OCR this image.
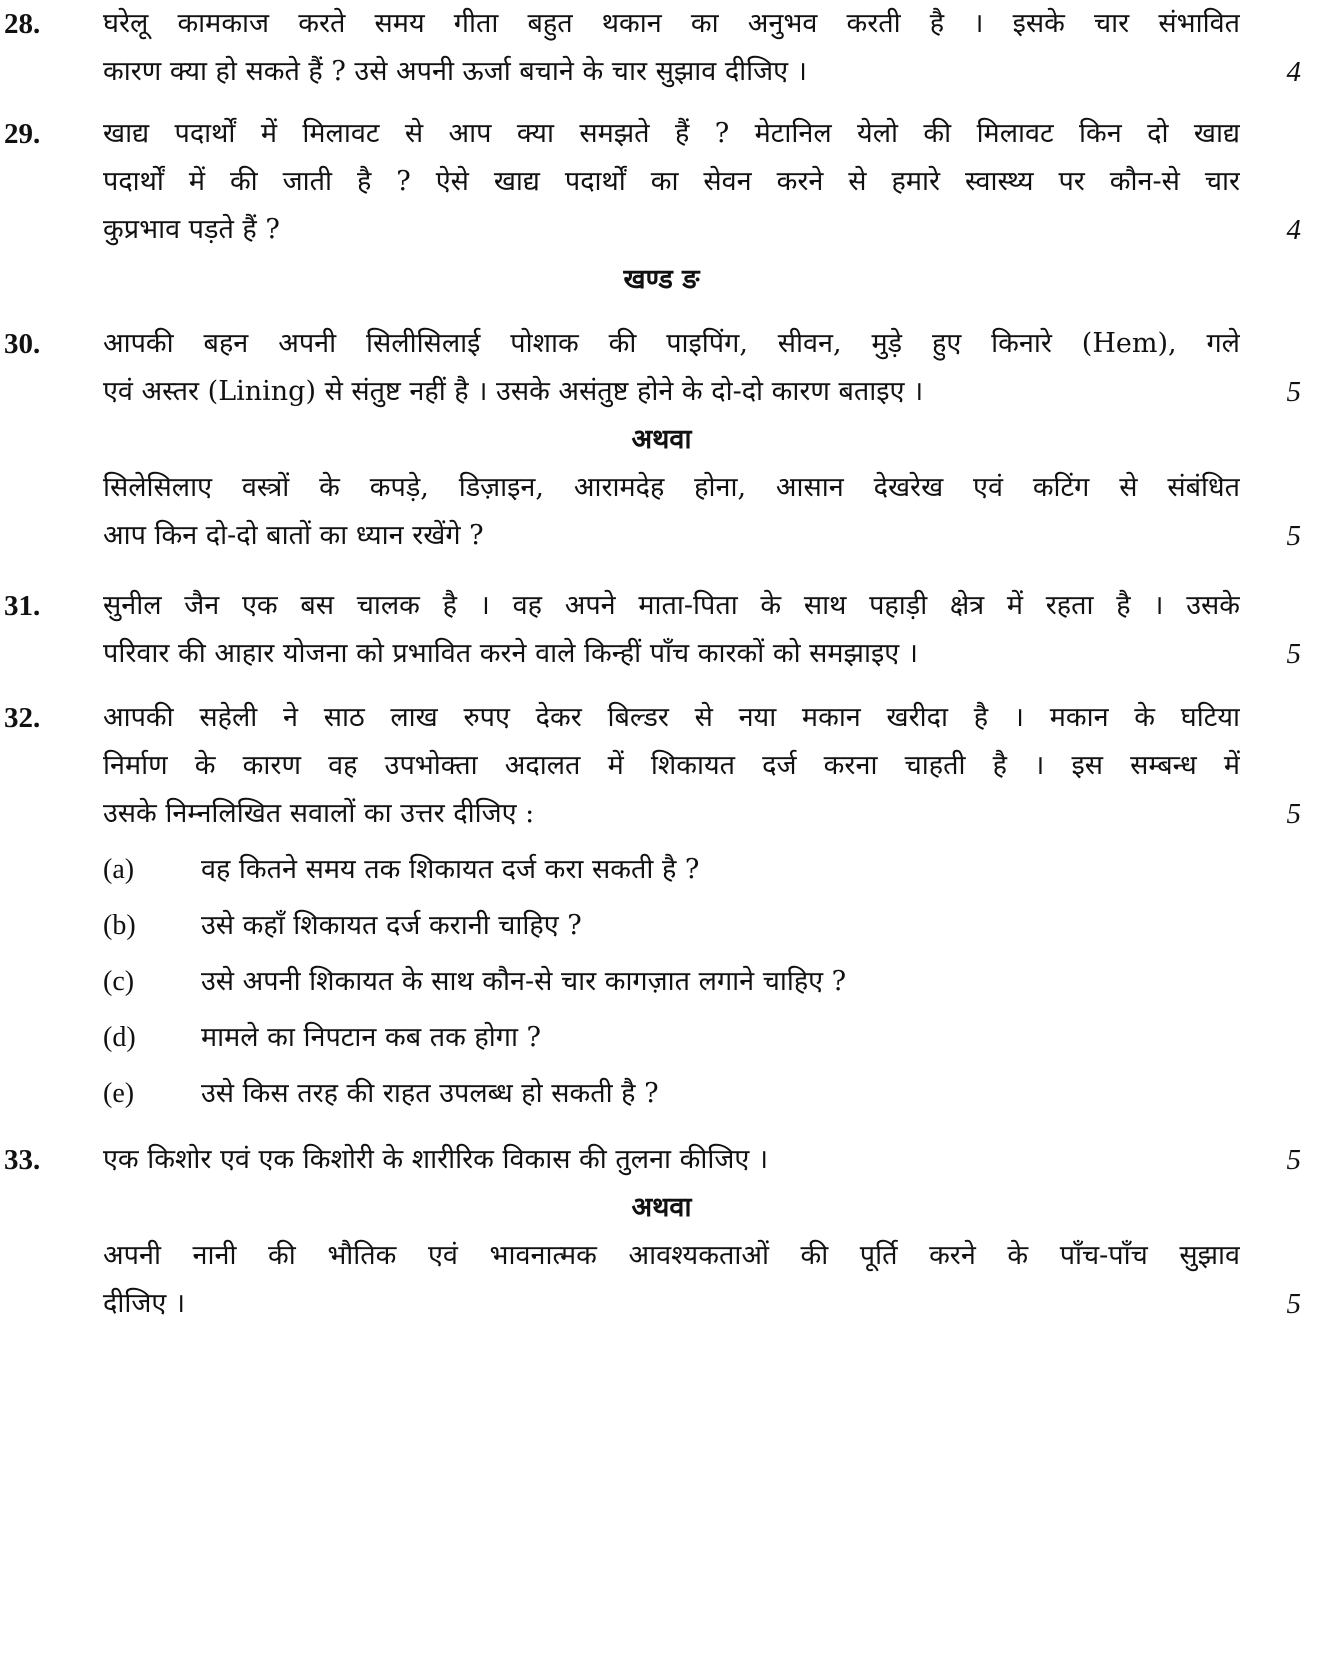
28. घरेलू कामकाज करते समय गीता बहुत थकान का अनुभव करती है । इसके चार संभावित
कारण क्या हो सकते हैं ? उसे अपनी ऊर्जा बचाने के चार सुझाव दीजिए ।	4
29. खाद्य पदार्थों में मिलावट से आप क्या समझते हैं ? मेटानिल येलो की मिलावट किन दो खाद्य
पदार्थों में की जाती है ? ऐसे खाद्य पदार्थों का सेवन करने से हमारे स्वास्थ्य पर कौन-से चार
कुप्रभाव पड़ते हैं ?	4
खण्ड ङ
30. आपकी बहन अपनी सिलीसिलाई पोशाक की पाइपिंग, सीवन, मुड़े हुए किनारे (Hem), गले
एवं अस्तर (Lining) से संतुष्ट नहीं है । उसके असंतुष्ट होने के दो-दो कारण बताइए ।	5
अथवा
सिलेसिलाए वस्त्रों के कपड़े, डिज़ाइन, आरामदेह होना, आसान देखरेख एवं कटिंग से संबंधित
आप किन दो-दो बातों का ध्यान रखेंगे ?	5
31. सुनील जैन एक बस चालक है । वह अपने माता-पिता के साथ पहाड़ी क्षेत्र में रहता है । उसके
परिवार की आहार योजना को प्रभावित करने वाले किन्हीं पाँच कारकों को समझाइए ।	5
32. आपकी सहेली ने साठ लाख रुपए देकर बिल्डर से नया मकान खरीदा है । मकान के घटिया
निर्माण के कारण वह उपभोक्ता अदालत में शिकायत दर्ज करना चाहती है । इस सम्बन्ध में
उसके निम्नलिखित सवालों का उत्तर दीजिए :	5
(a) वह कितने समय तक शिकायत दर्ज करा सकती है ?
(b) उसे कहाँ शिकायत दर्ज करानी चाहिए ?
(c) उसे अपनी शिकायत के साथ कौन-से चार कागज़ात लगाने चाहिए ?
(d) मामले का निपटान कब तक होगा ?
(e) उसे किस तरह की राहत उपलब्ध हो सकती है ?
33. एक किशोर एवं एक किशोरी के शारीरिक विकास की तुलना कीजिए ।	5
अथवा
अपनी नानी की भौतिक एवं भावनात्मक आवश्यकताओं की पूर्ति करने के पाँच-पाँच सुझाव
दीजिए ।	5
